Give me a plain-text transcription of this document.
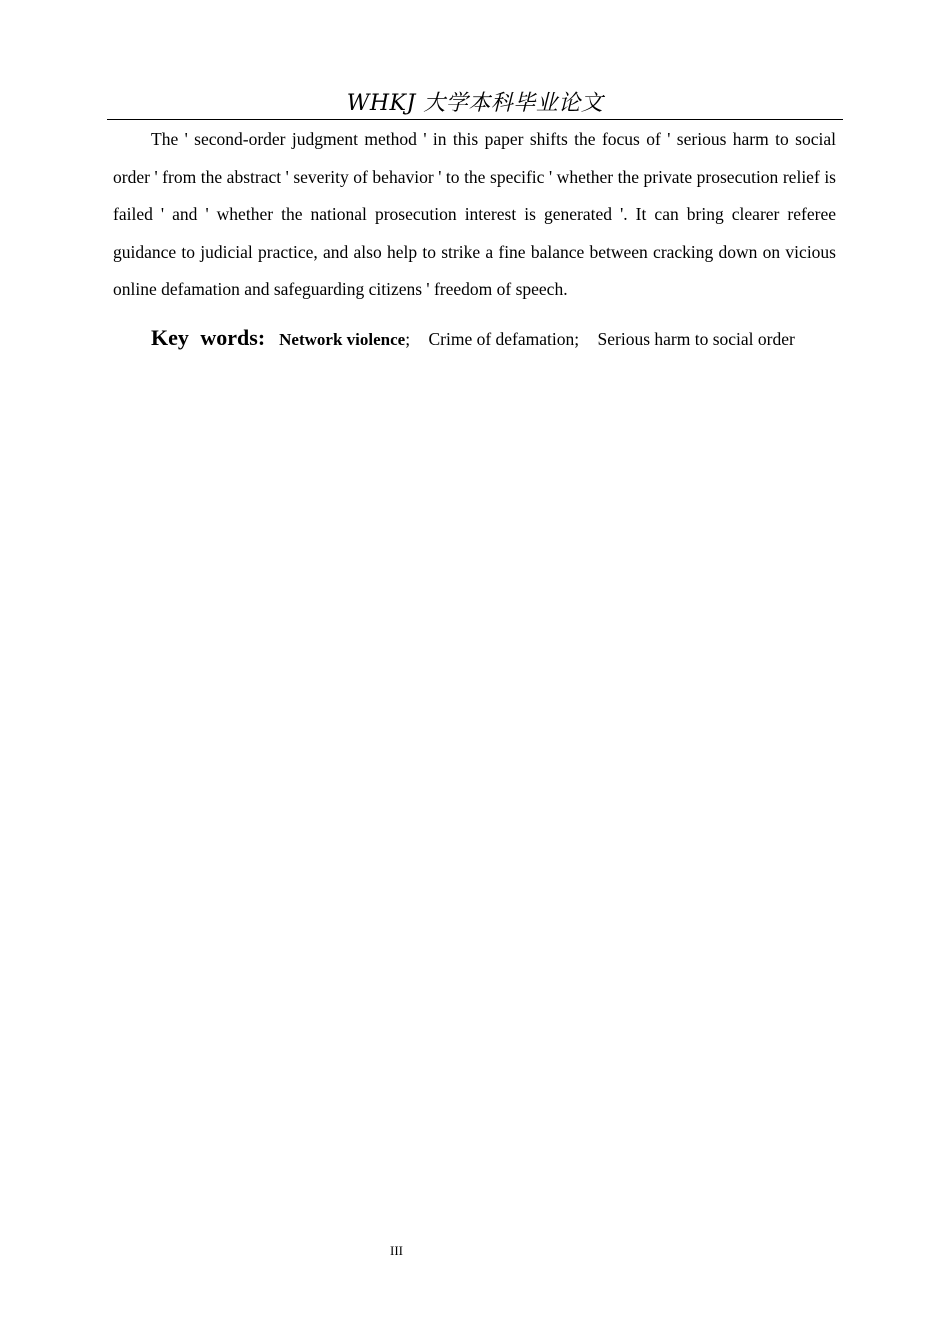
WHKJ 大学本科毕业论文

The ' second-order judgment method ' in this paper shifts the focus of ' serious harm to social order ' from the abstract ' severity of behavior ' to the specific ' whether the private prosecution relief is failed ' and ' whether the national prosecution interest is generated '. It can bring clearer referee guidance to judicial practice, and also help to strike a fine balance between cracking down on vicious online defamation and safeguarding citizens ' freedom of speech.

Key words: Network violence; Crime of defamation; Serious harm to social order

III
